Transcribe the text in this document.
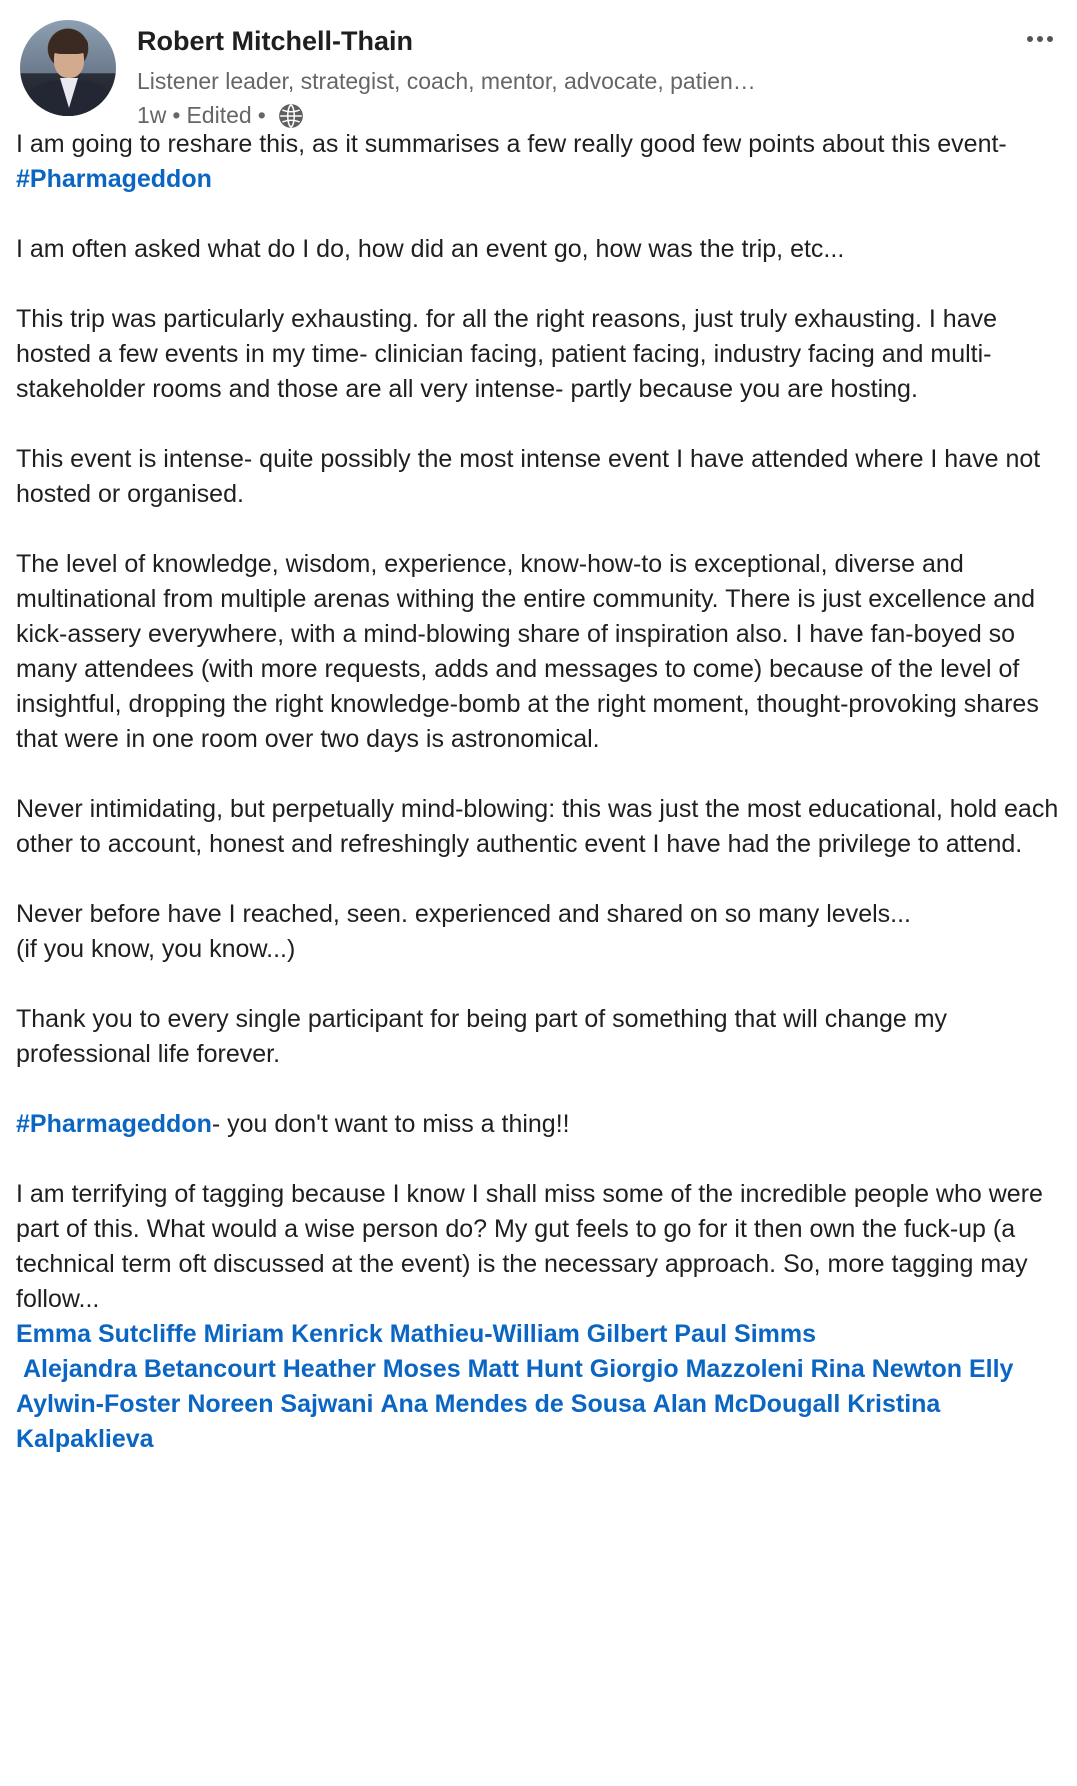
Robert Mitchell-Thain
Listener leader, strategist, coach, mentor, advocate, patien…
1w • Edited •

I am going to reshare this, as it summarises a few really good few points about this event- #Pharmageddon

I am often asked what do I do, how did an event go, how was the trip, etc...

This trip was particularly exhausting. for all the right reasons, just truly exhausting. I have hosted a few events in my time- clinician facing, patient facing, industry facing and multi-stakeholder rooms and those are all very intense- partly because you are hosting.

This event is intense- quite possibly the most intense event I have attended where I have not hosted or organised.

The level of knowledge, wisdom, experience, know-how-to is exceptional, diverse and multinational from multiple arenas withing the entire community. There is just excellence and kick-assery everywhere, with a mind-blowing share of inspiration also. I have fan-boyed so many attendees (with more requests, adds and messages to come) because of the level of insightful, dropping the right knowledge-bomb at the right moment, thought-provoking shares that were in one room over two days is astronomical.

Never intimidating, but perpetually mind-blowing: this was just the most educational, hold each other to account, honest and refreshingly authentic event I have had the privilege to attend.

Never before have I reached, seen. experienced and shared on so many levels...
(if you know, you know...)

Thank you to every single participant for being part of something that will change my professional life forever.

#Pharmageddon- you don't want to miss a thing!!

I am terrifying of tagging because I know I shall miss some of the incredible people who were part of this. What would a wise person do? My gut feels to go for it then own the fuck-up (a technical term oft discussed at the event) is the necessary approach. So, more tagging may follow...

Emma Sutcliffe Miriam Kenrick Mathieu-William Gilbert Paul Simms
Alejandra Betancourt Heather Moses Matt Hunt Giorgio Mazzoleni Rina Newton Elly Aylwin-Foster Noreen Sajwani Ana Mendes de Sousa Alan McDougall Kristina Kalpaklieva
